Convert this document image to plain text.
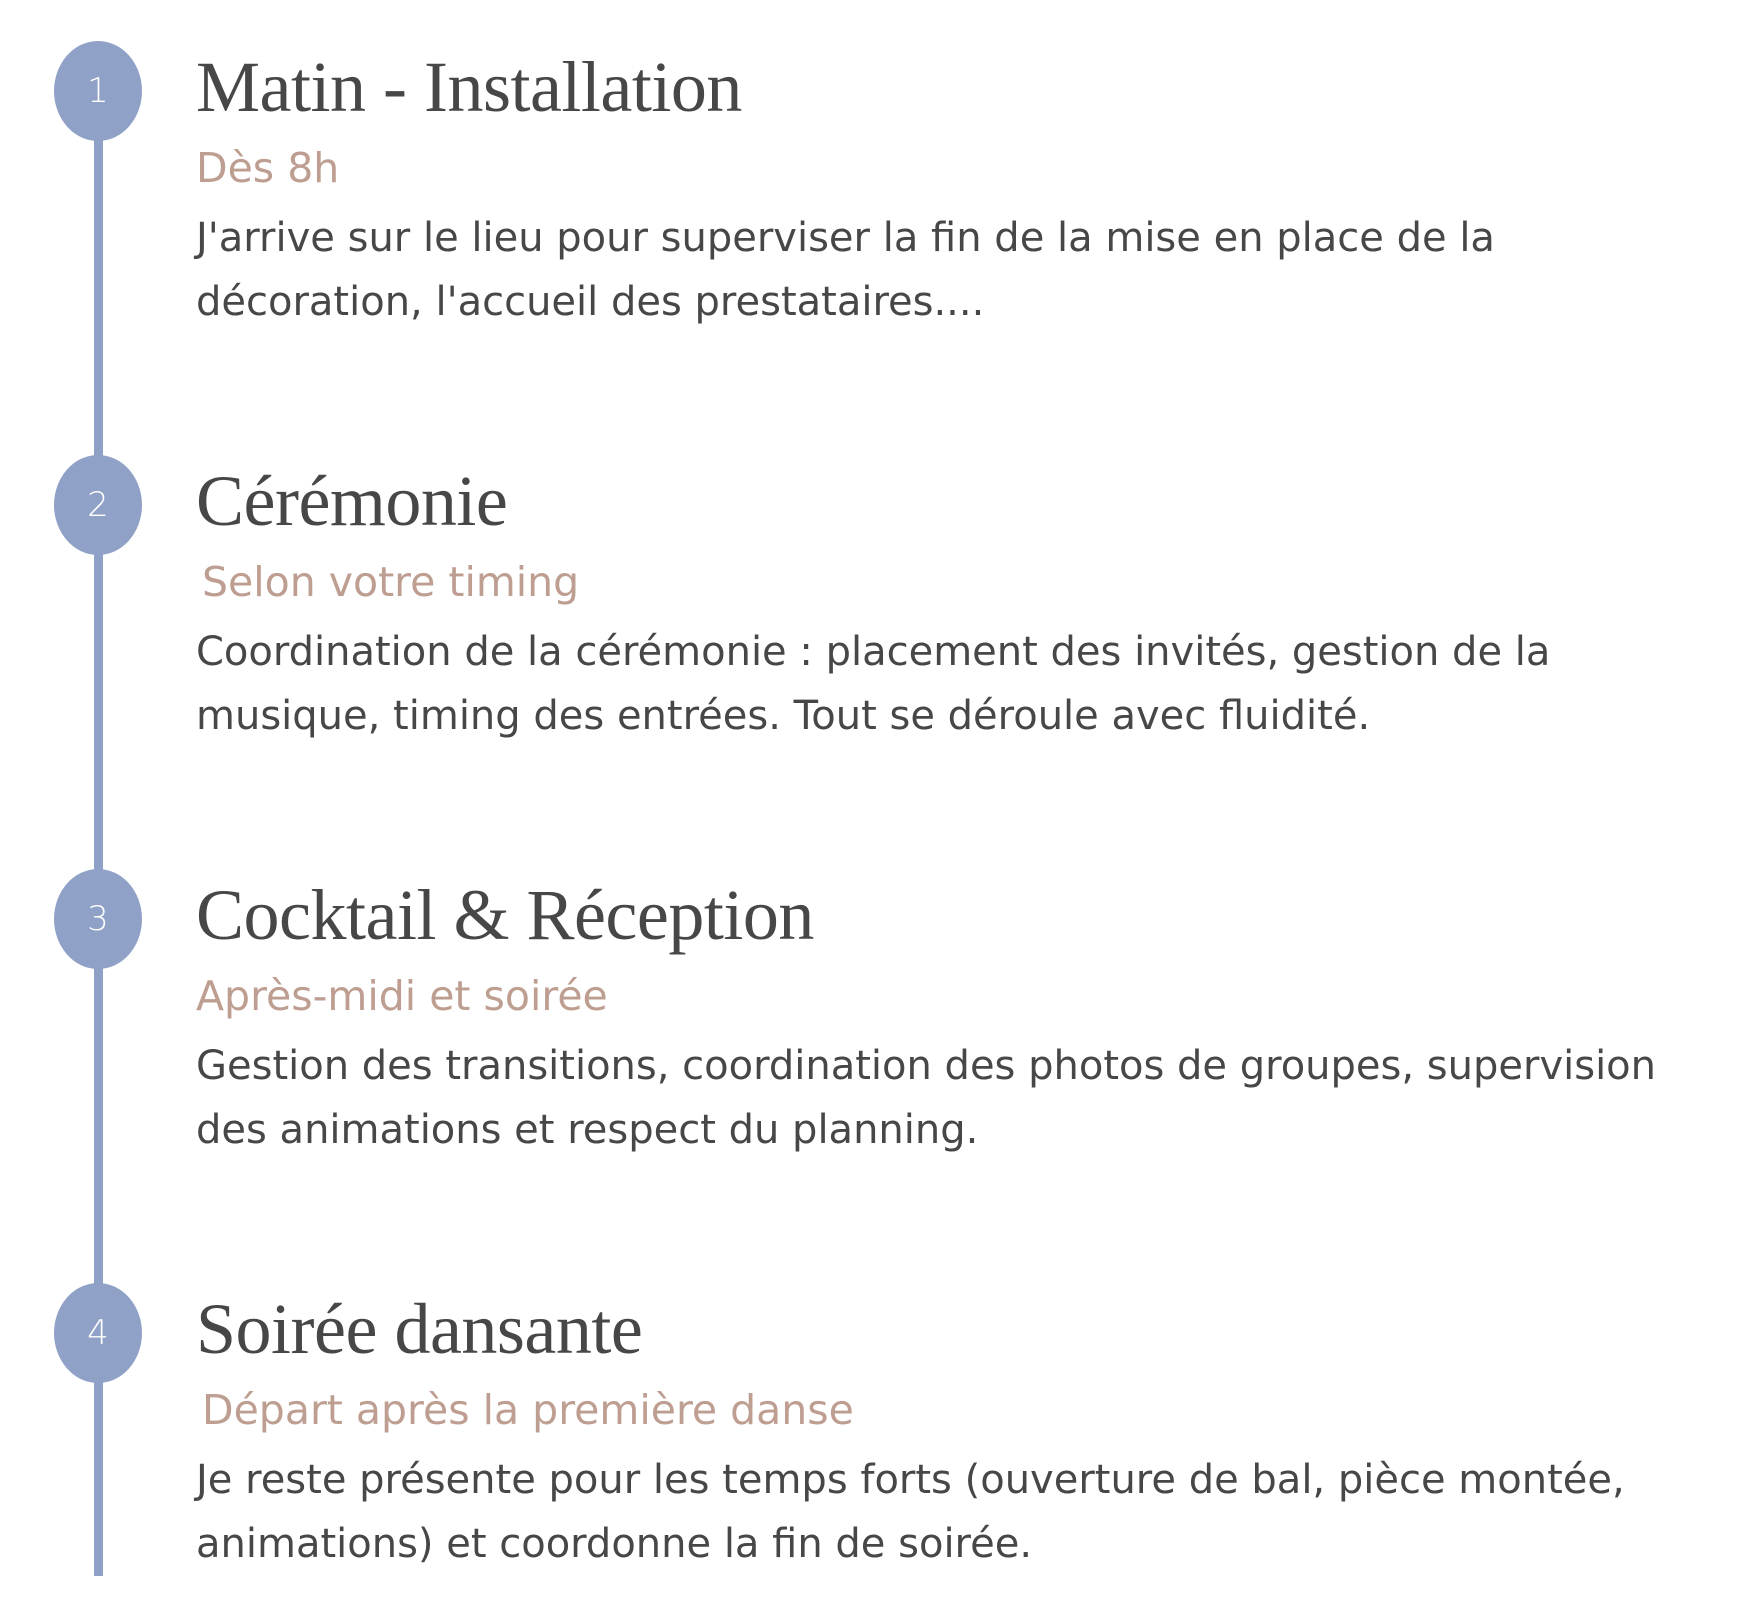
1	Matin - Installation
Dès 8h

J'arrive sur le lieu pour superviser la fin de la mise en place de la décoration, l'accueil des prestataires....

2	Cérémonie
Selon votre timing

Coordination de la cérémonie : placement des invités, gestion de la musique, timing des entrées. Tout se déroule avec fluidité.

3	Cocktail & Réception
Après-midi et soirée

Gestion des transitions, coordination des photos de groupes, supervision des animations et respect du planning.

4	Soirée dansante
Départ après la première danse

Je reste présente pour les temps forts (ouverture de bal, pièce montée, animations) et coordonne la fin de soirée.
